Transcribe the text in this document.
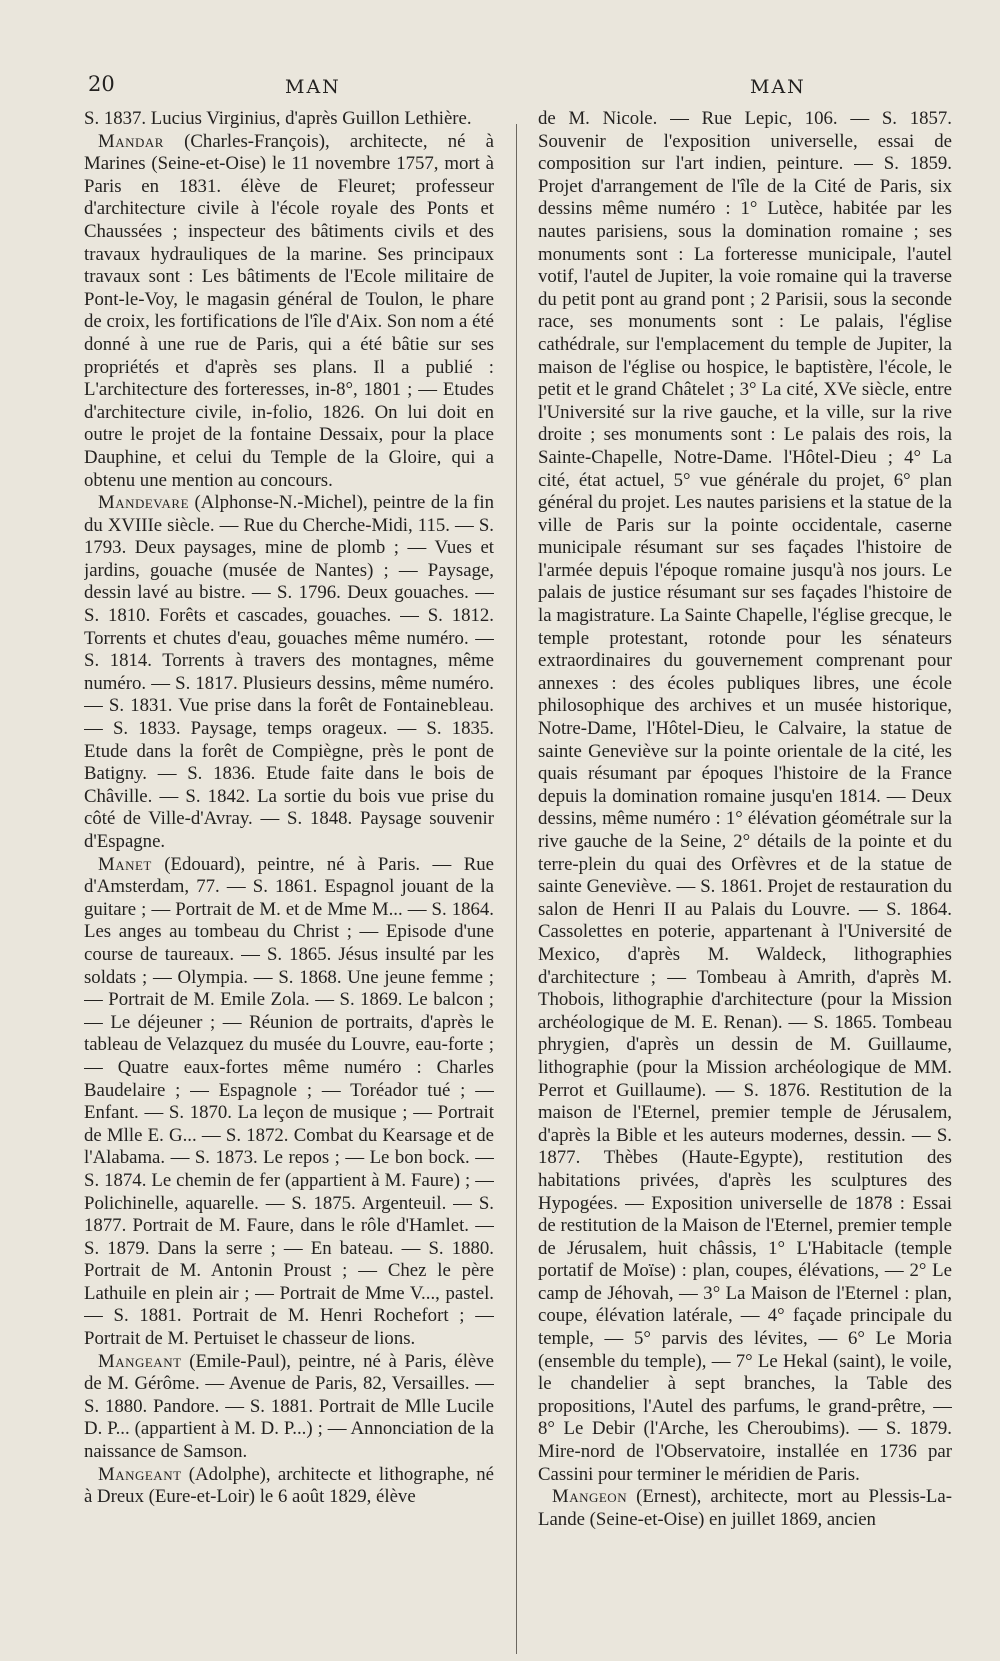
20	MAN	MAN

S. 1837. Lucius Virginius, d'après Guillon Lethière.

Mandar (Charles-François), architecte, né à Marines (Seine-et-Oise) le 11 novembre 1757, mort à Paris en 1831. élève de Fleuret; professeur d'architecture civile à l'école royale des Ponts et Chaussées ; inspecteur des bâtiments civils et des travaux hydrauliques de la marine. Ses principaux travaux sont : Les bâtiments de l'Ecole militaire de Pont-le-Voy, le magasin général de Toulon, le phare de croix, les fortifications de l'île d'Aix. Son nom a été donné à une rue de Paris, qui a été bâtie sur ses propriétés et d'après ses plans. Il a publié : L'architecture des forteresses, in-8°, 1801 ; — Etudes d'architecture civile, in-folio, 1826. On lui doit en outre le projet de la fontaine Dessaix, pour la place Dauphine, et celui du Temple de la Gloire, qui a obtenu une mention au concours.

Mandevare (Alphonse-N.-Michel), peintre de la fin du XVIIIe siècle. — Rue du Cherche-Midi, 115. — S. 1793. Deux paysages, mine de plomb ; — Vues et jardins, gouache (musée de Nantes) ; — Paysage, dessin lavé au bistre. — S. 1796. Deux gouaches. — S. 1810. Forêts et cascades, gouaches. — S. 1812. Torrents et chutes d'eau, gouaches même numéro. — S. 1814. Torrents à travers des montagnes, même numéro. — S. 1817. Plusieurs dessins, même numéro. — S. 1831. Vue prise dans la forêt de Fontainebleau. — S. 1833. Paysage, temps orageux. — S. 1835. Etude dans la forêt de Compiègne, près le pont de Batigny. — S. 1836. Etude faite dans le bois de Châville. — S. 1842. La sortie du bois vue prise du côté de Ville-d'Avray. — S. 1848. Paysage souvenir d'Espagne.

Manet (Edouard), peintre, né à Paris. — Rue d'Amsterdam, 77. — S. 1861. Espagnol jouant de la guitare ; — Portrait de M. et de Mme M... — S. 1864. Les anges au tombeau du Christ ; — Episode d'une course de taureaux. — S. 1865. Jésus insulté par les soldats ; — Olympia. — S. 1868. Une jeune femme ; — Portrait de M. Emile Zola. — S. 1869. Le balcon ; — Le déjeuner ; — Réunion de portraits, d'après le tableau de Velazquez du musée du Louvre, eau-forte ; — Quatre eaux-fortes même numéro : Charles Baudelaire ; — Espagnole ; — Toréador tué ; — Enfant. — S. 1870. La leçon de musique ; — Portrait de Mlle E. G... — S. 1872. Combat du Kearsage et de l'Alabama. — S. 1873. Le repos ; — Le bon bock. — S. 1874. Le chemin de fer (appartient à M. Faure) ; — Polichinelle, aquarelle. — S. 1875. Argenteuil. — S. 1877. Portrait de M. Faure, dans le rôle d'Hamlet. — S. 1879. Dans la serre ; — En bateau. — S. 1880. Portrait de M. Antonin Proust ; — Chez le père Lathuile en plein air ; — Portrait de Mme V..., pastel. — S. 1881. Portrait de M. Henri Rochefort ; — Portrait de M. Pertuiset le chasseur de lions.

Mangeant (Emile-Paul), peintre, né à Paris, élève de M. Gérôme. — Avenue de Paris, 82, Versailles. — S. 1880. Pandore. — S. 1881. Portrait de Mlle Lucile D. P... (appartient à M. D. P...) ; — Annonciation de la naissance de Samson.

Mangeant (Adolphe), architecte et lithographe, né à Dreux (Eure-et-Loir) le 6 août 1829, élève

de M. Nicole. — Rue Lepic, 106. — S. 1857. Souvenir de l'exposition universelle, essai de composition sur l'art indien, peinture. — S. 1859. Projet d'arrangement de l'île de la Cité de Paris, six dessins même numéro : 1° Lutèce, habitée par les nautes parisiens, sous la domination romaine ; ses monuments sont : La forteresse municipale, l'autel votif, l'autel de Jupiter, la voie romaine qui la traverse du petit pont au grand pont ; 2 Parisii, sous la seconde race, ses monuments sont : Le palais, l'église cathédrale, sur l'emplacement du temple de Jupiter, la maison de l'église ou hospice, le baptistère, l'école, le petit et le grand Châtelet ; 3° La cité, XVe siècle, entre l'Université sur la rive gauche, et la ville, sur la rive droite ; ses monuments sont : Le palais des rois, la Sainte-Chapelle, Notre-Dame. l'Hôtel-Dieu ; 4° La cité, état actuel, 5° vue générale du projet, 6° plan général du projet. Les nautes parisiens et la statue de la ville de Paris sur la pointe occidentale, caserne municipale résumant sur ses façades l'histoire de l'armée depuis l'époque romaine jusqu'à nos jours. Le palais de justice résumant sur ses façades l'histoire de la magistrature. La Sainte Chapelle, l'église grecque, le temple protestant, rotonde pour les sénateurs extraordinaires du gouvernement comprenant pour annexes : des écoles publiques libres, une école philosophique des archives et un musée historique, Notre-Dame, l'Hôtel-Dieu, le Calvaire, la statue de sainte Geneviève sur la pointe orientale de la cité, les quais résumant par époques l'histoire de la France depuis la domination romaine jusqu'en 1814. — Deux dessins, même numéro : 1° élévation géométrale sur la rive gauche de la Seine, 2° détails de la pointe et du terre-plein du quai des Orfèvres et de la statue de sainte Geneviève. — S. 1861. Projet de restauration du salon de Henri II au Palais du Louvre. — S. 1864. Cassolettes en poterie, appartenant à l'Université de Mexico, d'après M. Waldeck, lithographies d'architecture ; — Tombeau à Amrith, d'après M. Thobois, lithographie d'architecture (pour la Mission archéologique de M. E. Renan). — S. 1865. Tombeau phrygien, d'après un dessin de M. Guillaume, lithographie (pour la Mission archéologique de MM. Perrot et Guillaume). — S. 1876. Restitution de la maison de l'Eternel, premier temple de Jérusalem, d'après la Bible et les auteurs modernes, dessin. — S. 1877. Thèbes (Haute-Egypte), restitution des habitations privées, d'après les sculptures des Hypogées. — Exposition universelle de 1878 : Essai de restitution de la Maison de l'Eternel, premier temple de Jérusalem, huit châssis, 1° L'Habitacle (temple portatif de Moïse) : plan, coupes, élévations, — 2° Le camp de Jéhovah, — 3° La Maison de l'Eternel : plan, coupe, élévation latérale, — 4° façade principale du temple, — 5° parvis des lévites, — 6° Le Moria (ensemble du temple), — 7° Le Hekal (saint), le voile, le chandelier à sept branches, la Table des propositions, l'Autel des parfums, le grand-prêtre, — 8° Le Debir (l'Arche, les Cheroubims). — S. 1879. Mire-nord de l'Observatoire, installée en 1736 par Cassini pour terminer le méridien de Paris.

Mangeon (Ernest), architecte, mort au Plessis-La-Lande (Seine-et-Oise) en juillet 1869, ancien
